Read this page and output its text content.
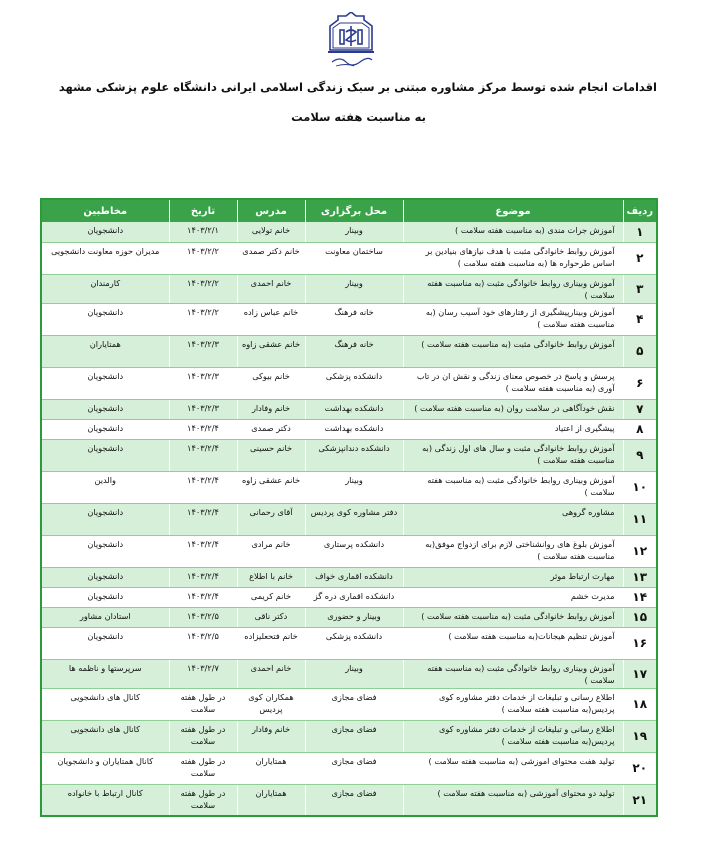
اقدامات انجام شده توسط مرکز مشاوره مبتنی بر سبک زندگی اسلامی ایرانی دانشگاه علوم پزشکی مشهد
به مناسبت هفته سلامت
ردیف	موضوع	محل برگزاری	مدرس	تاریخ	مخاطبین
۱	آموزش جرات مندی (به مناسبت هفته سلامت )	وبینار	خانم تولایی	۱۴۰۳/۲/۱	دانشجویان
۲	آموزش روابط خانوادگی مثبت با هدف نیازهای بنیادین بر اساس طرحواره ها (به مناسبت هفته سلامت )	ساختمان معاونت	خانم دکتر صمدی	۱۴۰۳/۲/۲	مدیران حوزه معاونت دانشجویی
۳	آموزش وبیناری روابط خانوادگی مثبت (به مناسبت هفته سلامت )	وبینار	خانم احمدی	۱۴۰۳/۲/۲	کارمندان
۴	آموزش وبینارپیشگیری از رفتارهای خود آسیب رسان (به مناسبت هفته سلامت )	خانه فرهنگ	خانم عباس زاده	۱۴۰۳/۲/۲	دانشجویان
۵	آموزش روابط خانوادگی مثبت (به مناسبت هفته سلامت )	خانه فرهنگ	خانم عشقی زاوه	۱۴۰۳/۲/۳	همتایاران
۶	پرسش و پاسخ در خصوص معنای زندگی و نقش ان در تاب آوری (به مناسبت هفته سلامت )	دانشکده پزشکی	خانم بیوکی	۱۴۰۳/۲/۳	دانشجویان
۷	نقش خودآگاهی در سلامت روان (به مناسبت هفته سلامت )	دانشکده بهداشت	خانم وفادار	۱۴۰۳/۲/۳	دانشجویان
۸	پیشگیری از اعتیاد	دانشکده بهداشت	دکتر صمدی	۱۴۰۳/۲/۴	دانشجویان
۹	آموزش روابط خانوادگی مثبت و سال های اول زندگی (به مناسبت هفته سلامت )	دانشکده دندانپزشکی	خانم حسینی	۱۴۰۳/۲/۴	دانشجویان
۱۰	آموزش وبیناری روابط خانوادگی مثبت (به مناسبت هفته سلامت )	وبینار	خانم عشقی زاوه	۱۴۰۳/۲/۴	والدین
۱۱	مشاوره گروهی	دفتر مشاوره کوی پردیس	آقای رحمانی	۱۴۰۳/۲/۴	دانشجویان
۱۲	آموزش بلوغ های روانشناختی لازم برای ازدواج موفق(به مناسبت هفته سلامت )	دانشکده پرستاری	خانم مرادی	۱۴۰۳/۲/۴	دانشجویان
۱۳	مهارت ارتباط موثر	دانشکده اقماری خواف	خانم با اطلاع	۱۴۰۳/۲/۴	دانشجویان
۱۴	مدیرت خشم	دانشکده اقماری دره گز	خانم کریمی	۱۴۰۳/۲/۴	دانشجویان
۱۵	آموزش روابط خانوادگی مثبت (به مناسبت هفته سلامت )	وبینار و حضوری	دکتر ناقی	۱۴۰۳/۲/۵	استادان مشاور
۱۶	آموزش تنظیم هیجانات(به مناسبت هفته سلامت )	دانشکده پزشکی	خانم فتحعلیزاده	۱۴۰۳/۲/۵	دانشجویان
۱۷	آموزش وبیناری روابط خانوادگی مثبت (به مناسبت هفته سلامت )	وبینار	خانم احمدی	۱۴۰۳/۲/۷	سرپرستها و ناظمه ها
۱۸	اطلاع رسانی و تبلیغات از خدمات دفتر مشاوره کوی پردیس(به مناسبت هفته سلامت )	فضای مجازی	همکاران کوی پردیس	در طول هفته سلامت	کانال های دانشجویی
۱۹	اطلاع رسانی و تبلیغات از خدمات دفتر مشاوره کوی پردیس(به مناسبت هفته سلامت )	فضای مجازی	خانم وفادار	در طول هفته سلامت	کانال های دانشجویی
۲۰	تولید هفت محتوای اموزشی (به مناسبت هفته سلامت )	فضای مجازی	همتایاران	در طول هفته سلامت	کانال همتایاران و دانشجویان
۲۱	تولید دو محتوای آموزشی (به مناسبت هفته سلامت )	فضای مجازی	همتایاران	در طول هفته سلامت	کانال ارتباط با خانواده
